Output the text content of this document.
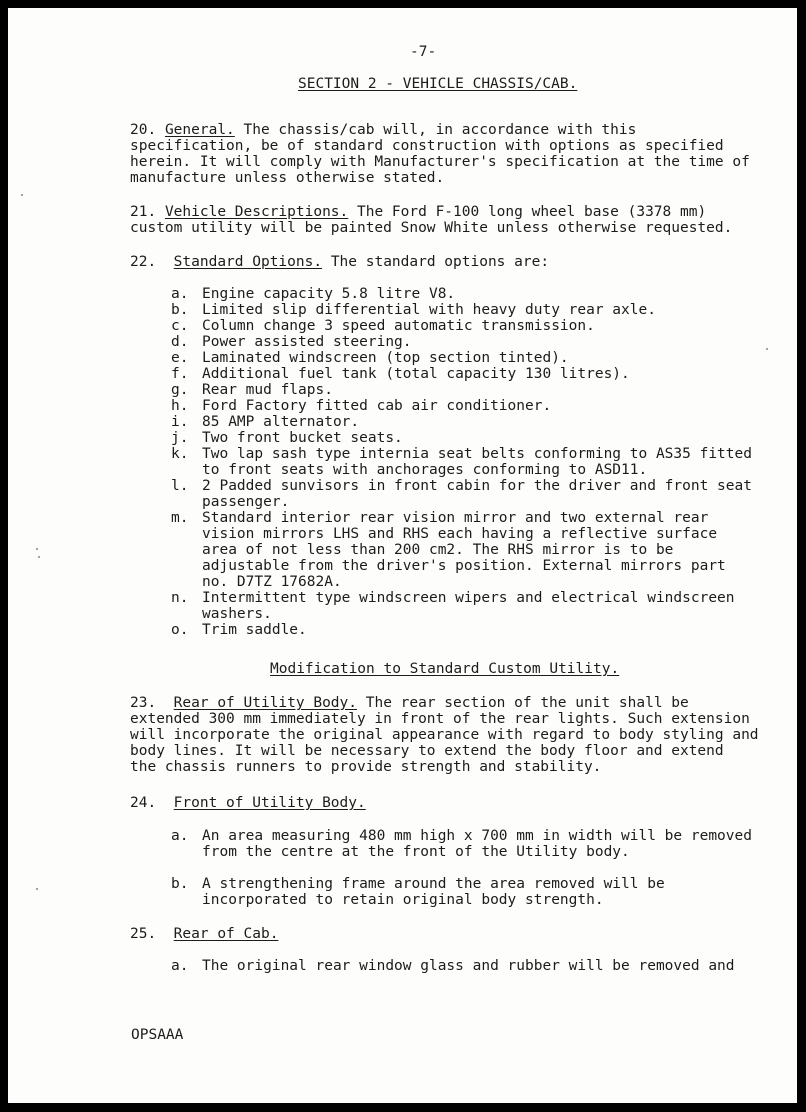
-7-
SECTION 2 - VEHICLE CHASSIS/CAB.

20. General. The chassis/cab will, in accordance with this

specification, be of standard construction with options as specified

herein. It will comply with Manufacturer's specification at the time of

manufacture unless otherwise stated.

21. Vehicle Descriptions. The Ford F-100 long wheel base (3378 mm)

custom utility will be painted Snow White unless otherwise requested.

22. Standard Options. The standard options are:

a. Engine capacity 5.8 litre V8.
b. Limited slip differential with heavy duty rear axle.
c. Column change 3 speed automatic transmission.
d. Power assisted steering.
e. Laminated windscreen (top section tinted).
f. Additional fuel tank (total capacity 130 litres).
g. Rear mud flaps.
h. Ford Factory fitted cab air conditioner.
i. 85 AMP alternator.
j. Two front bucket seats.
k. Two lap sash type internia seat belts conforming to AS35 fitted
to front seats with anchorages conforming to ASD11.
l. 2 Padded sunvisors in front cabin for the driver and front seat
passenger.
m. Standard interior rear vision mirror and two external rear
vision mirrors LHS and RHS each having a reflective surface
area of not less than 200 cm2. The RHS mirror is to be
adjustable from the driver's position. External mirrors part
no. D7TZ 17682A.
n. Intermittent type windscreen wipers and electrical windscreen
washers.
o. Trim saddle.
Modification to Standard Custom Utility.

23. Rear of Utility Body. The rear section of the unit shall be

extended 300 mm immediately in front of the rear lights. Such extension

will incorporate the original appearance with regard to body styling and

body lines. It will be necessary to extend the body floor and extend

the chassis runners to provide strength and stability.

24. Front of Utility Body.

a. An area measuring 480 mm high x 700 mm in width will be removed
from the centre at the front of the Utility body.
b. A strengthening frame around the area removed will be
incorporated to retain original body strength.

25. Rear of Cab.

a. The original rear window glass and rubber will be removed and
OPSAAA
